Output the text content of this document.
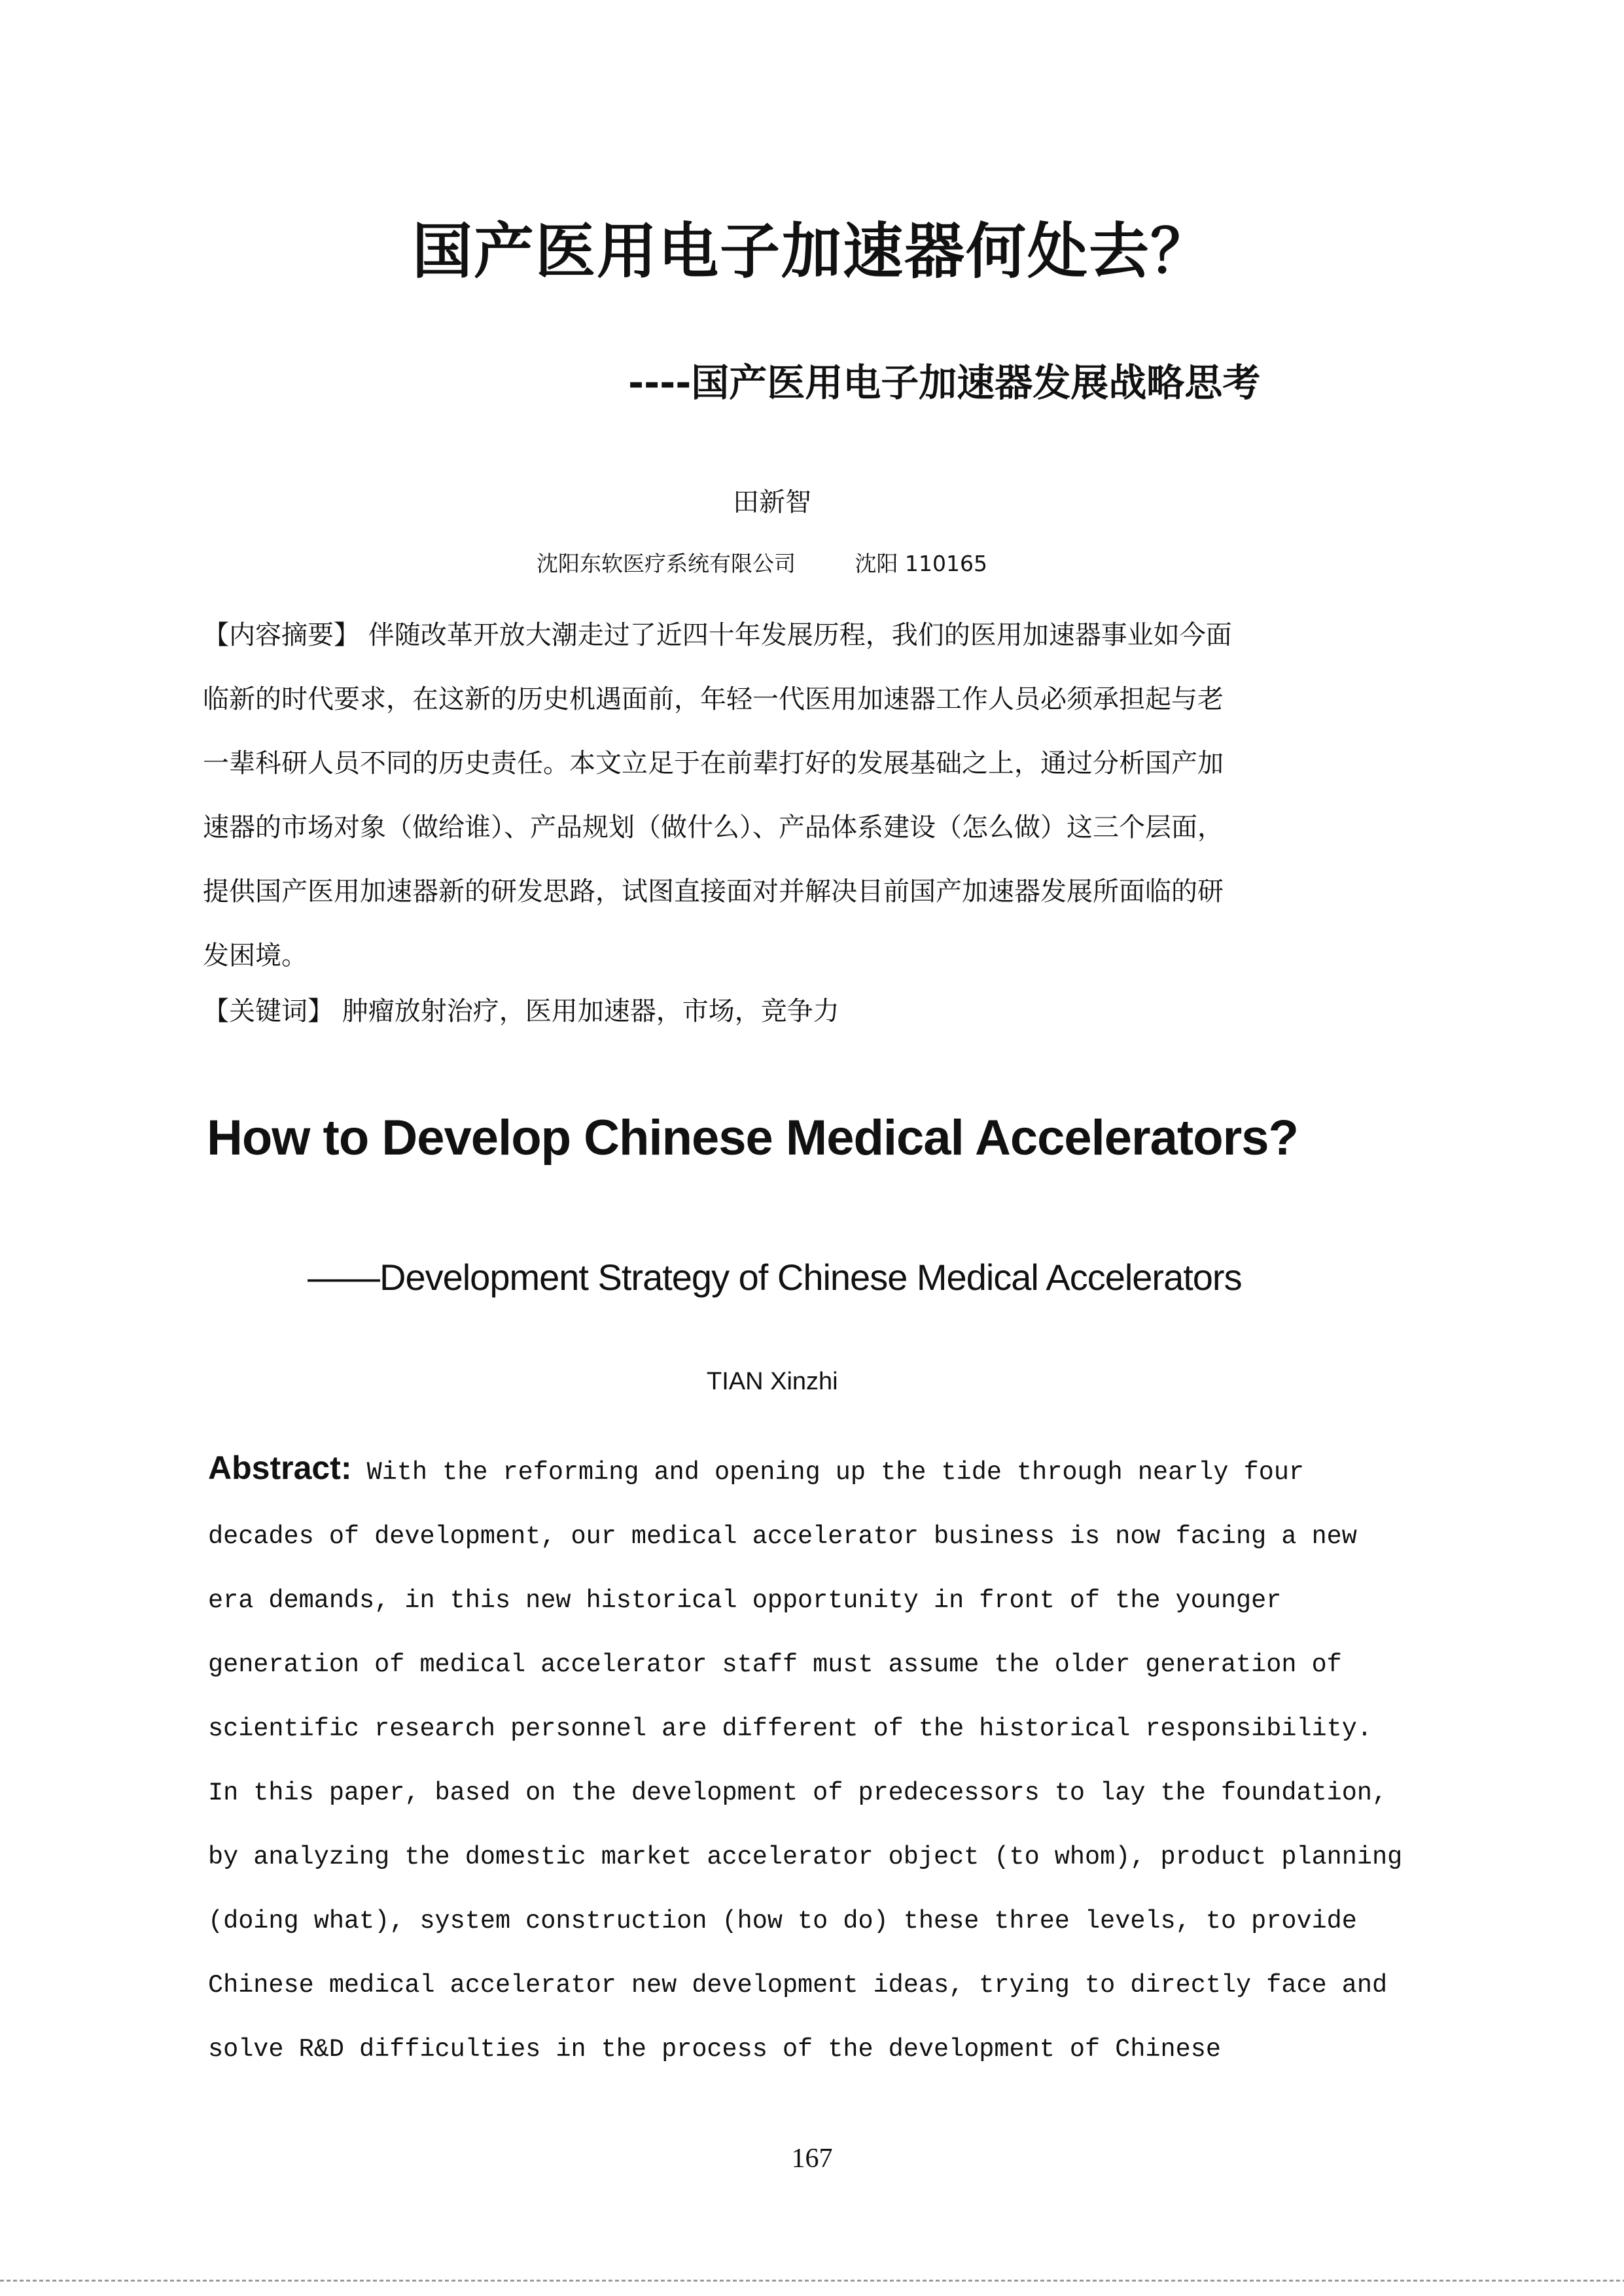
国产医用电子加速器何处去？
----国产医用电子加速器发展战略思考
田新智
沈阳东软医疗系统有限公司	沈阳 110165
【内容摘要】 伴随改革开放大潮走过了近四十年发展历程，我们的医用加速器事业如今面
临新的时代要求，在这新的历史机遇面前，年轻一代医用加速器工作人员必须承担起与老
一辈科研人员不同的历史责任。本文立足于在前辈打好的发展基础之上，通过分析国产加
速器的市场对象（做给谁）、产品规划（做什么）、产品体系建设（怎么做）这三个层面，
提供国产医用加速器新的研发思路，试图直接面对并解决目前国产加速器发展所面临的研
发困境。
【关键词】 肿瘤放射治疗，医用加速器，市场，竞争力
How to Develop Chinese Medical Accelerators?
——Development Strategy of Chinese Medical Accelerators
TIAN Xinzhi
Abstract: With the reforming and opening up the tide through nearly four
decades of development, our medical accelerator business is now facing a new
era demands, in this new historical opportunity in front of the younger
generation of medical accelerator staff must assume the older generation of
scientific research personnel are different of the historical responsibility.
In this paper, based on the development of predecessors to lay the foundation,
by analyzing the domestic market accelerator object (to whom), product planning
(doing what), system construction (how to do) these three levels, to provide
Chinese medical accelerator new development ideas, trying to directly face and
solve R&D difficulties in the process of the development of Chinese
167
